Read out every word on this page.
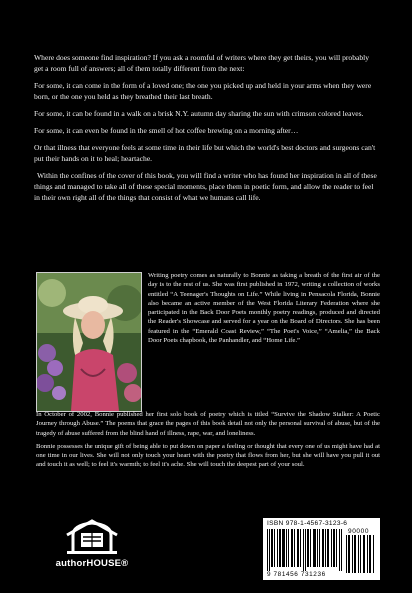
Where does someone find inspiration? If you ask a roomful of writers where they get theirs, you will probably get a room full of answers; all of them totally different from the next:

For some, it can come in the form of a loved one; the one you picked up and held in your arms when they were born, or the one you held as they breathed their last breath.

For some, it can be found in a walk on a brisk N.Y. autumn day sharing the sun with crimson colored leaves.

For some, it can even be found in the smell of hot coffee brewing on a morning after…

Or that illness that everyone feels at some time in their life but which the world's best doctors and surgeons can't put their hands on it to heal; heartache.

Within the confines of the cover of this book, you will find a writer who has found her inspiration in all of these things and managed to take all of these special moments, place them in poetic form, and allow the reader to feel in their own right all of the things that consist of what we humans call life.

Writing poetry comes as naturally to Bonnie as taking a breath of the first air of the day is to the rest of us. She was first published in 1972, writing a collection of works entitled “A Teenager's Thoughts on Life.” While living in Pensacola Florida, Bonnie also became an active member of the West Florida Literary Federation where she participated in the Back Door Poets monthly poetry readings, produced and directed the Reader's Showcase and served for a year on the Board of Directors. She has been featured in the “Emerald Coast Review,” “The Poet's Voice,” “Amelia,” the Back Door Poets chapbook, the Panhandler, and “Home Life.”

In October of 2002, Bonnie published her first solo book of poetry which is titled “Survive the Shadow Stalker: A Poetic Journey through Abuse.” The poems that grace the pages of this book detail not only the personal survival of abuse, but of the tragedy of abuse suffered from the blind hand of illness, rape, war, and loneliness.

Bonnie possesses the unique gift of being able to put down on paper a feeling or thought that every one of us might have had at one time in our lives. She will not only touch your heart with the poetry that flows from her, but she will have you pull it out and touch it as well; to feel it's warmth; to feel it's ache. She will touch the deepest part of your soul.

authorHOUSE®
ISBN 978-1-4567-3123-6
90000
9 781456 731236
